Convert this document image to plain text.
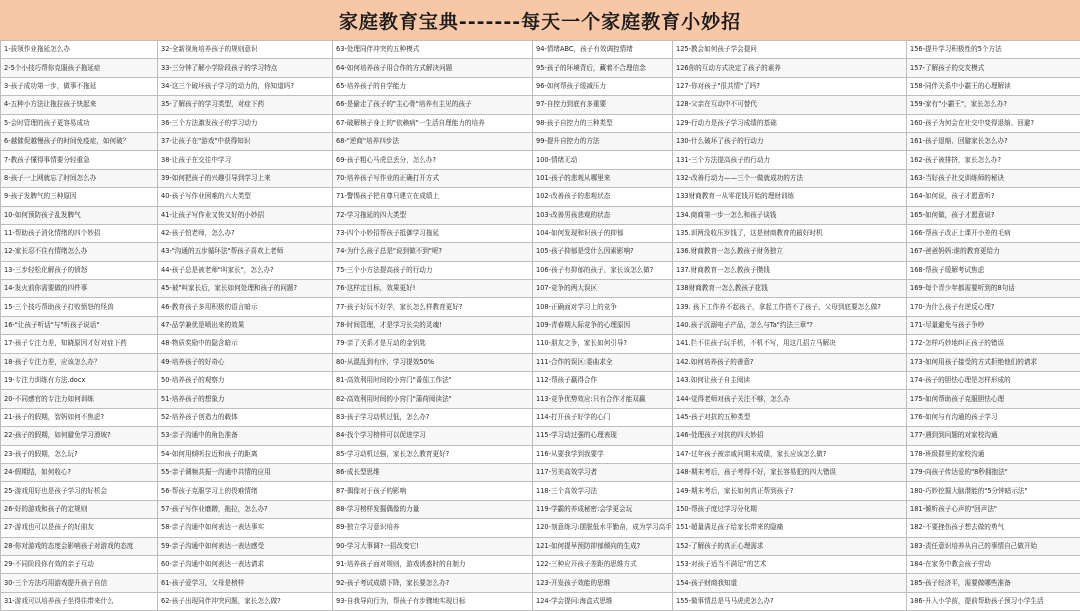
家庭教育宝典-------每天一个家庭教育小妙招
1-拔领作业拖延怎么办	32-全新视角培养孩子的规则意识	63-处理同伴冲突的五种模式	94-情绪ABC，孩子有效调控情绪	125-教会如何孩子学会提问	156-提升学习积极性的5个方法
2-5个小技巧帮你克服孩子拖延症	33-三分钟了解小学阶段孩子的学习特点	64-如何培养孩子用合作的方式解决问题	95-孩子的环境背后，藏着不合理信念	126你的互动方式决定了孩子的素养	157-了解孩子的交友模式
3-孩子成功第一步，做事不拖延	34-这三个破坏孩子学习的动力的，你知道吗?	65-培养孩子的自学能力	96-如何帮孩子缓减压力	127-你对孩子"很共情"了吗?	158-同伴关系中小霸王的心理解读
4-五种小方法让拖拉孩子快起来	35-了解孩子的学习类型，对症下药	66-是偷走了孩子的"主心骨"培养有主见的孩子	97-自控力到底有多重要	128-父亲在互动中不可替代	159-家有"小霸王"，家长怎么办?
5-会时管理的孩子更容易成功	36-三个方法激发孩子的学习动力	67-破解核子身上的"依赖病"一生活自理能力的培养	98-孩子自控力的三种类型	129-行动力是孩子学习成绩的基础	160-孩子为何会在社交中变得退缩、回避?
6-越催促越慢孩子的时间免疫症，如何破？	37-让孩子在"游戏"中获得知识	68-"逆商"培养四步法	99-提升自控力的方法	130-什么破坏了孩子的行动力	161-孩子退缩、回避家长怎么办?
7-教孩子懂得事情要分轻重急	38-让孩子在交往中学习	69-孩子粗心马虎总丢分，怎么办?	100-情绪无动	131-三个方法提高孩子的行动力	162-孩子被排挤，家长怎么办?
8-孩子一上网就忘了时间怎么办	39-如何把孩子的兴趣引导到学习上来	70-培养孩子写作业的正确打开方式	101-孩子的悲观从哪里来	132-改善行动力——三个一做就成功的方法	163-当好孩子社交训练师的秘诀
9-孩子发脾气的三种原因	40-孩子写作业困难的六大类型	71-警惕孩子把自尊只建立在成绩上	102-改善孩子的悲观状态	133财商教育一从零花钱开始的理财训练	164-如何说，孩子才愿意听?
10-如何预防孩子乱发脾气	41-让孩子写作业又快又好的小妙招	72-学习拖延的四大类型	103-改善男孩悲观的状态	134.商商第一步一怎么和孩子谈钱	165-如何做，孩子才愿意说?
11-帮助孩子消化情绪的四个妙招	42-孩子怕老师，怎么办?	73-四个小妙招帮孩子抵御学习拖延	104-如何发现和识孩子的抑郁	135.训两没收压岁钱了，这是财商教育的最好时机	166-帮孩子改正上课开小差的毛病
12-家长忍不住有情绪怎么办	43-"沟通的五步循环法"帮孩子喜欢上老师	74-为什么孩子总是"说到做不到"呢?	105-孩子抑郁是受什么因素影响?	136.财商教育一怎么教孩子财务独立	167-爸爸妈妈:谁的教育更给力
13-三步轻松化解孩子的愤怒	44-孩子总是被老师"叫家长"，怎么办?	75-三个小方法提高孩子的行动力	106-孩子有抑郁的孩子，家长该怎么做?	137.财商教育一怎么教孩子攒钱	168-帮孩子缓解考试焦虑
14-发火前你需要做的四件事	45-被"叫家长后，家长如何处理和孩子的问题?	76-这样定目标，效果更好!	107-竞争的两大误区	138财商教育一怎么教孩子花钱	169-每个青少年都需要听到的8句话
15-三个技巧帮助孩子打败愤怒的怪兽	46-教育孩子多用积极的语言暗示	77-孩子好玩不好学，家长怎么样教育更好?	108-正确面对学习上的竞争	139. 孩下工作养不起孩子，拿起工作搭不了孩子，父母到底要怎么做?	170-为什么孩子有逆反心理?
16-"让孩子听话"与"听孩子说话"	47-品学兼优是喷出来的效果	78-时间管理，才是学习长尖的灵魂!	109-青春期人际竞争的心理原因	140.孩子沉溺电子产品，怎么与Ta"约法三章"?	171-尽量避免与孩子争吵
17-孩子专注力差，知晓原因才好对症下药	48-物质奖励中的隐含暗示	79-亲了关系才是互动的金钥匙	110-朋友之争，家长如何引导?	141.拦不住孩子玩手机，不机不写，用这几招立马解决	172-怎样巧妙地纠正孩子的错误
18-孩子专注力差，应该怎么办？	49-培养孩子的好奇心	80-从混乱到有序，学习提效50%	111-合作的误区:委曲求全	142.如何培养孩子的善意?	173-如何用孩子接受的方式拒绝他们的请求
19-专注力训练有方法.docx	50-培养孩子的观察力	81-高效利用时间的小窍门"番茄工作法"	112-帮孩子赢得合作	143.如何让孩子自主阅读	174-孩子的胆怯心理是怎样形成的
20-不同感官的专注力如何训练	51-培养孩子的想象力	82-高效利用时间的小窍门"蒲荷阅读法"	113-竞争优势效应:只有合作才能双赢	144-觉得老师对孩子关注不够，怎么办	175-如何帮助孩子克服胆怯心理
21-孩子的假期，智妈如何不焦虑?	52-培养孩子创造力的载体	83-孩子学习动机过低，怎么办?	114-打开孩子好学的心门	145-孩子对抗的五种类型	176-如何与有沟通的孩子学习
22-孩子的假期，如何避免学习滑坡?	53-亲子沟通中的角色准备	84-找个学习榜样可以促进学习	115-学习动过强的心理表现	146-处理孩子对抗的四大妙招	177-遇到到问题的对家校沟通
23-孩子的假期，怎么玩?	54-如何用倾听拉近和孩子的距离	85-学习动机过强，家长怎么教育更好?	116-从要我学到我要学	147-过年孩子被亲戚问期末成绩，家长应该怎么做?	178-班级群里的家校沟通
24-假期结，如何收心?	55-亲子调频共振一沟通中共情的应用	86-成长型思维	117-另美高效学习者	148-期末考后，孩子考得不好，家长容易犯的四大错误	179-向孩子传达爱的"8秒拥抱法"
25-游戏用好也是孩子学习的好机会	56-帮孩子克服学习上的畏难情绪	87-偶像对于孩子的影响	118-三个高效学习法	149-期末考后，家长如何真正帮到孩子?	180-巧妙挖掘大脑潜能的"5分钟暗示法"
26-好的游戏和孩子的定规则	57-孩子写作业磨蹭，拖拉，怎么办?	88-学习榜样发掘偶像的力量	119-学霸的养成秘密:会学更会玩	150-帮孩子度过学习分化期	181-倾听孩子心声的"回声法"
27-游戏也可以是孩子的好朋友	58-亲子沟通中如何表达一表达事实	89-独立学习意识培养	120-刻意练习:摆脱低水平勤奋，成为学习高手	151-超量满足孩子给家长带来的隐痛	182-不要挫伤孩子想去做的勇气
28-你对游戏的态度会影响孩子对游戏的态度	59-亲子沟通中如何表达一表达感受	90-学习大事调?一招改变它!	121-如何提早预防抑郁倾向的生成?	152-了解孩子的真正心理需求	183-责任意识培养从自己的事情自己做开始
29-不同阶段你有效的亲子互动	60-亲子沟通中如何表达一表达请求	91-培养孩子面对规则，游戏诱惑时的自制力	122-三种应开孩子差距的思维方式	153-对孩子适当不满足"的艺术	184-在家务中教会孩子劳动
30-三个方法巧用游戏提升孩子自信	61-孩子爱学习，父母是榜样	92-孩子考试成绩下降，家长要怎么办?	123-开发孩子效能的思维	154-孩子财商我知道	185-孩子经济平，需要做哪些准备
31-游戏可以培养孩子坐得住带来什么	62-孩子出现同伴冲突问题，家长怎么做?	93-自我导向行为，帮孩子有步骤地实现目标	124-学会提问:海盒式思维	155-做事情总是马马虎虎怎么办?	186-升入小学前，提前帮助孩子预习小学生活
